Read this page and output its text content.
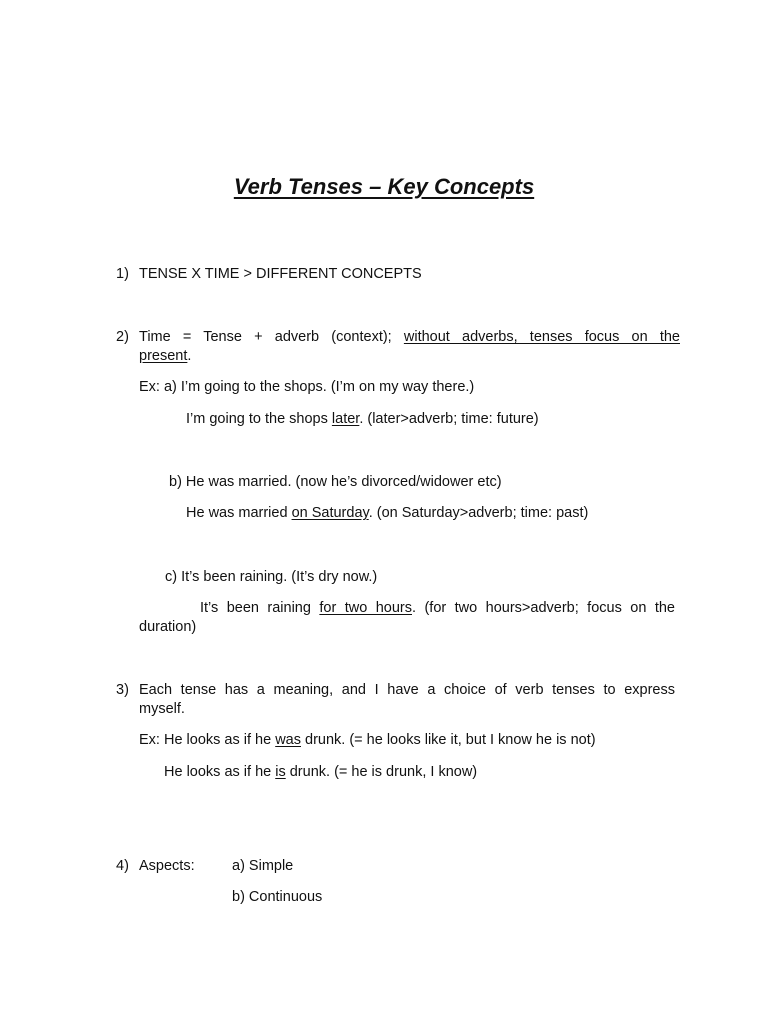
Verb Tenses – Key Concepts
1) TENSE X TIME > DIFFERENT CONCEPTS
2) Time = Tense + adverb (context); without adverbs, tenses focus on the
present.
Ex: a) I’m going to the shops. (I’m on my way there.)
I’m going to the shops later. (later>adverb; time: future)
b) He was married. (now he’s divorced/widower etc)
He was married on Saturday. (on Saturday>adverb; time: past)
c) It’s been raining. (It’s dry now.)
It’s been raining for two hours. (for two hours>adverb; focus on the
duration)
3) Each tense has a meaning, and I have a choice of verb tenses to express
myself.
Ex: He looks as if he was drunk. (= he looks like it, but I know he is not)
He looks as if he is drunk. (= he is drunk, I know)
4) Aspects:	a) Simple
b) Continuous
